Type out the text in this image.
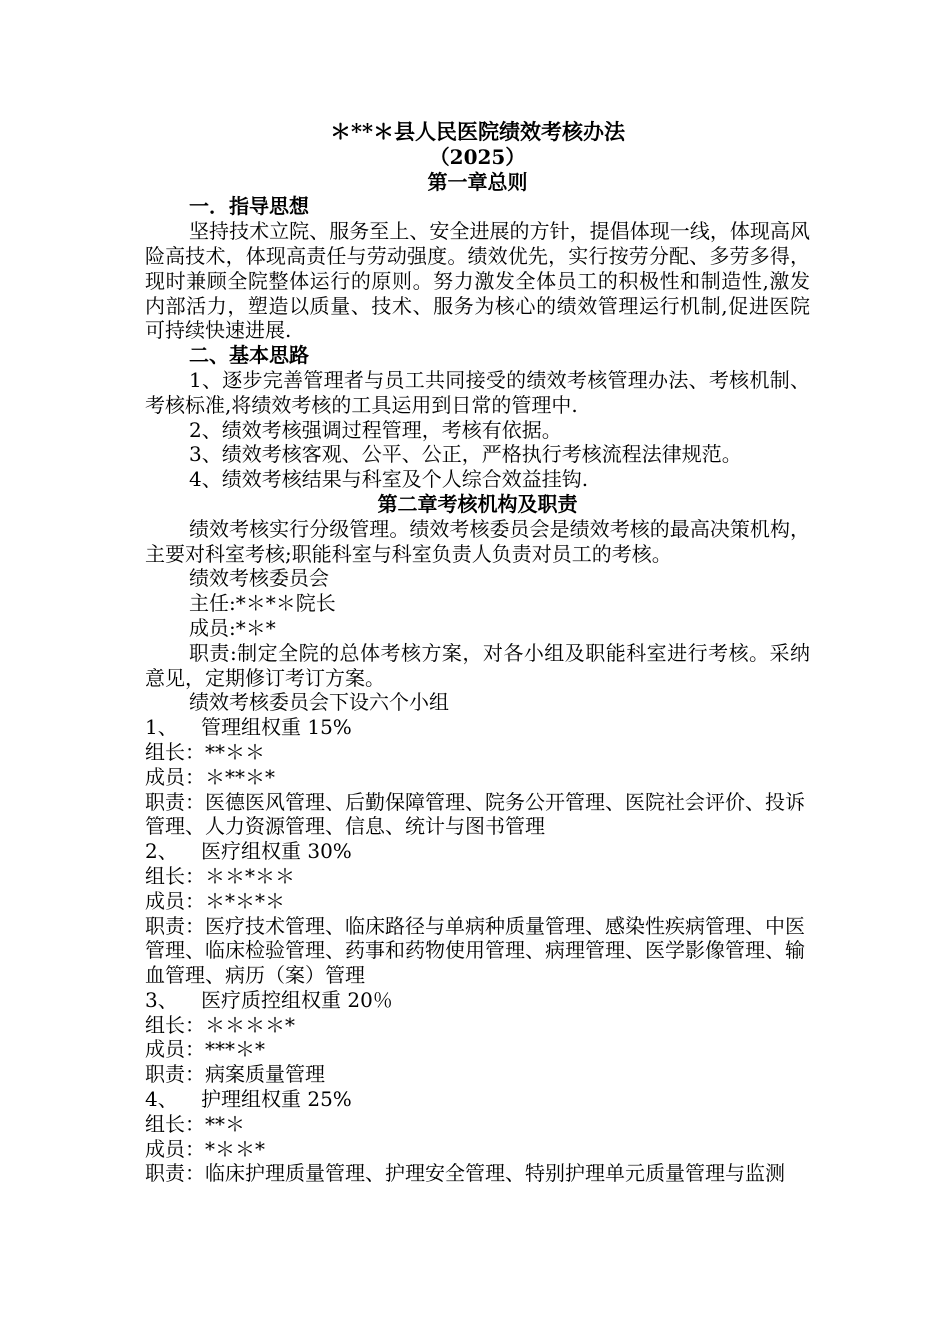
＊**＊县人民医院绩效考核办法
（2025）
第一章总则
一．指导思想
坚持技术立院、服务至上、安全进展的方针，提倡体现一线，体现高风险高技术，体现高责任与劳动强度。绩效优先，实行按劳分配、多劳多得，现时兼顾全院整体运行的原则。努力激发全体员工的积极性和制造性,激发内部活力，塑造以质量、技术、服务为核心的绩效管理运行机制,促进医院可持续快速进展.
二、基本思路
1、逐步完善管理者与员工共同接受的绩效考核管理办法、考核机制、考核标准,将绩效考核的工具运用到日常的管理中.
2、绩效考核强调过程管理，考核有依据。
3、绩效考核客观、公平、公正，严格执行考核流程法律规范。
4、绩效考核结果与科室及个人综合效益挂钩.
第二章考核机构及职责
绩效考核实行分级管理。绩效考核委员会是绩效考核的最高决策机构，主要对科室考核;职能科室与科室负责人负责对员工的考核。
绩效考核委员会
主任:*＊*＊院长
成员:*＊*
职责:制定全院的总体考核方案，对各小组及职能科室进行考核。采纳意见，定期修订考订方案。
绩效考核委员会下设六个小组
1、 管理组权重 15%
组长：**＊＊
成员：＊**＊*
职责：医德医风管理、后勤保障管理、院务公开管理、医院社会评价、投诉管理、人力资源管理、信息、统计与图书管理
2、 医疗组权重 30%
组长：＊＊*＊＊
成员：＊*＊*＊
职责：医疗技术管理、临床路径与单病种质量管理、感染性疾病管理、中医管理、临床检验管理、药事和药物使用管理、病理管理、医学影像管理、输血管理、病历（案）管理
3、 医疗质控组权重 20％
组长：＊＊＊＊*
成员：***＊*
职责：病案质量管理
4、 护理组权重 25%
组长：**＊
成员：*＊＊*
职责：临床护理质量管理、护理安全管理、特别护理单元质量管理与监测
